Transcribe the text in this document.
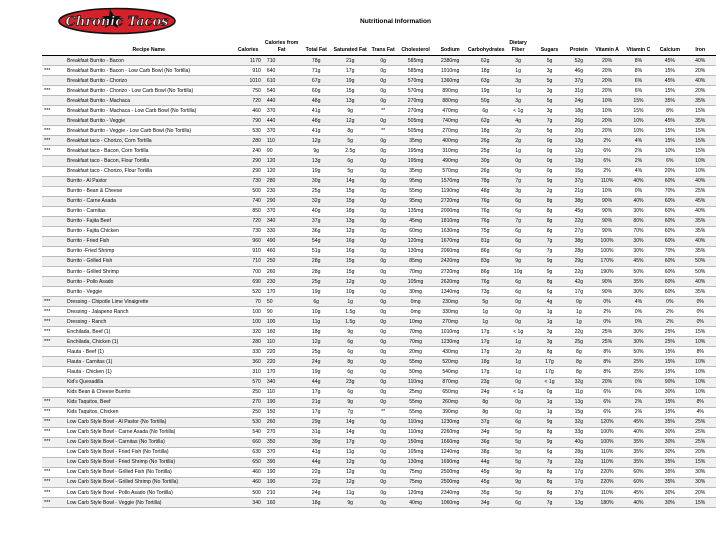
Chronic Tacos	Nutritional Information
	Recipe Name	Calories	Calories from Fat	Total Fat	Saturated Fat	Trans Fat	Cholesterol	Sodium	Carbohydrates	Dietary Fiber	Sugars	Protein	Vitamin A	Vitamin C	Calcium	Iron
	Breakfast Burrito - Bacon	1170	710	78g	21g	0g	585mg	2380mg	62g	3g	5g	52g	20%	8%	45%	40%
***	Breakfast Burrito - Bacon - Low Carb Bowl (No Tortilla)	910	640	71g	17g	0g	585mg	1910mg	18g	1g	3g	46g	20%	8%	15%	20%
	Breakfast Burrito - Chorizo	1010	610	67g	19g	0g	570mg	1360mg	63g	3g	5g	37g	20%	6%	45%	40%
***	Breakfast Burrito - Chorizo - Low Carb Bowl (No Tortilla)	750	540	60g	15g	0g	570mg	890mg	19g	1g	3g	31g	20%	6%	15%	20%
	Breakfast Burrito - Machaca	720	440	48g	13g	0g	270mg	880mg	50g	3g	5g	24g	10%	15%	35%	35%
***	Breakfast Burrito - Machaca - Low Carb Bowl (No Tortilla)	460	370	41g	9g	**	270mg	470mg	6g	< 1g	3g	18g	10%	15%	8%	15%
	Breakfast Burrito - Veggie	790	440	48g	12g	0g	505mg	740mg	62g	4g	7g	26g	20%	10%	45%	35%
***	Breakfast Burrito - Veggie - Low Carb Bowl (No Tortilla)	530	370	41g	8g	**	505mg	270mg	18g	2g	5g	20g	20%	10%	15%	15%
***	Breakfast taco - Chorizo, Corn Tortilla	280	110	12g	5g	0g	35mg	400mg	26g	2g	0g	13g	2%	4%	15%	15%
***	Breakfast taco - Bacon, Corn Tortilla	240	90	9g	2.5g	0g	195mg	310mg	25g	1g	0g	12g	6%	2%	10%	15%
	Breakfast taco - Bacon, Flour Tortilla	290	120	13g	6g	0g	195mg	490mg	30g	0g	0g	13g	6%	2%	6%	10%
	Breakfast taco - Chorizo, Flour Tortilla	290	120	19g	5g	0g	35mg	570mg	26g	0g	0g	15g	2%	4%	20%	10%
	Burrito - Al Pastor	730	280	30g	14g	0g	95mg	1570mg	78g	7g	9g	37g	110%	40%	60%	40%
	Burrito - Bean & Cheese	500	230	25g	15g	0g	55mg	1190mg	48g	3g	2g	21g	10%	0%	70%	25%
	Burrito - Carne Asada	740	290	32g	15g	0g	95mg	2720mg	76g	6g	8g	38g	90%	40%	60%	45%
	Burrito - Carnitas	850	370	40g	18g	0g	135mg	2000mg	76g	6g	8g	45g	90%	30%	60%	40%
	Burrito - Fajita Beef	720	340	37g	13g	0g	45mg	1810mg	76g	7g	8g	22g	90%	80%	60%	35%
	Burrito - Fajita Chicken	730	330	36g	12g	0g	60mg	1630mg	75g	6g	8g	27g	90%	70%	60%	35%
	Burrito - Fried Fish	960	490	54g	16g	0g	120mg	1670mg	81g	6g	7g	38g	100%	30%	60%	40%
	Burrito -Fried Shrimp	910	460	51g	16g	0g	130mg	2060mg	86g	6g	7g	28g	100%	30%	70%	35%
	Burrito - Grilled Fish	710	250	28g	15g	0g	85mg	2420mg	83g	9g	9g	29g	170%	45%	60%	50%
	Burrito - Grilled Shrimp	700	260	28g	15g	0g	70mg	2720mg	86g	10g	9g	22g	190%	50%	60%	50%
	Burrito - Pollo Asado	690	230	25g	12g	0g	105mg	2620mg	76g	6g	8g	42g	90%	35%	60%	40%
	Burrito - Veggie	520	170	19g	10g	0g	30mg	1340mg	73g	6g	6g	17g	90%	30%	60%	35%
***	Dressing - Chipotle Lime Vinaigrette	70	50	6g	1g	0g	0mg	230mg	5g	0g	4g	0g	0%	4%	0%	0%
***	Dressing - Jalapeno Ranch	100	90	10g	1.5g	0g	0mg	330mg	1g	0g	1g	1g	2%	0%	2%	0%
***	Dressing - Ranch	100	100	11g	1.5g	0g	10mg	270mg	1g	0g	1g	1g	0%	0%	2%	0%
***	Enchilada, Beef (1)	320	160	18g	9g	0g	70mg	1010mg	17g	< 1g	3g	22g	25%	30%	25%	15%
***	Enchilada, Chicken (1)	280	110	12g	6g	0g	70mg	1230mg	17g	1g	3g	25g	25%	30%	25%	10%
	Flauta - Beef (1)	330	220	25g	6g	0g	20mg	430mg	17g	2g	8g	8g	8%	50%	15%	8%
	Flauta - Carnitas (1)	360	220	24g	8g	0g	55mg	520mg	18g	1g	17g	8g	8%	25%	15%	10%
	Flauta - Chicken (1)	310	170	19g	6g	0g	50mg	540mg	17g	1g	17g	8g	8%	25%	15%	10%
	Kid's Quesadilla	570	340	44g	23g	0g	110mg	870mg	23g	0g	< 1g	32g	20%	0%	90%	10%
	Kids Bean & Cheese Burrito	250	110	17g	6g	0g	25mg	650mg	24g	< 1g	0g	11g	6%	0%	30%	10%
***	Kids Taquitos, Beef	270	190	21g	9g	0g	55mg	260mg	8g	0g	1g	13g	6%	2%	15%	8%
***	Kids Taquitos, Chicken	250	150	17g	7g	**	55mg	390mg	8g	0g	1g	15g	6%	2%	15%	4%
***	Low Carb Style Bowl - Al Pastor (No Tortilla)	530	260	29g	14g	0g	110mg	1230mg	37g	6g	9g	32g	120%	45%	35%	25%
***	Low Carb Style Bowl - Carne Asada (No Tortilla)	540	270	31g	14g	0g	110mg	2260mg	34g	5g	8g	33g	100%	40%	30%	25%
***	Low Carb Style Bowl - Carnitas (No Tortilla)	660	350	39g	17g	0g	150mg	1660mg	36g	5g	9g	40g	100%	35%	30%	25%
	Low Carb Style Bowl - Fried Fish (No Tortilla)	630	370	41g	11g	0g	105mg	1240mg	38g	5g	6g	28g	110%	35%	30%	20%
	Low Carb Style Bowl - Fried Shrimp (No Tortilla)	650	390	44g	12g	0g	130mg	1690mg	44g	5g	7g	22g	110%	35%	35%	15%
***	Low Carb Style Bowl - Grilled Fish (No Tortilla)	460	190	22g	12g	0g	75mg	2500mg	45g	9g	8g	17g	220%	60%	35%	30%
***	Low Carb Style Bowl - Grilled Shrimp (No Tortilla)	460	190	22g	12g	0g	75mg	2500mg	45g	9g	8g	17g	220%	60%	35%	30%
***	Low Carb Style Bowl - Pollo Asado (No Tortilla)	500	210	24g	11g	0g	120mg	2340mg	35g	5g	8g	37g	110%	45%	30%	20%
***	Low Carb Style Bowl - Veggie (No Tortilla)	340	160	18g	9g	0g	40mg	1060mg	34g	6g	7g	13g	180%	40%	30%	15%
